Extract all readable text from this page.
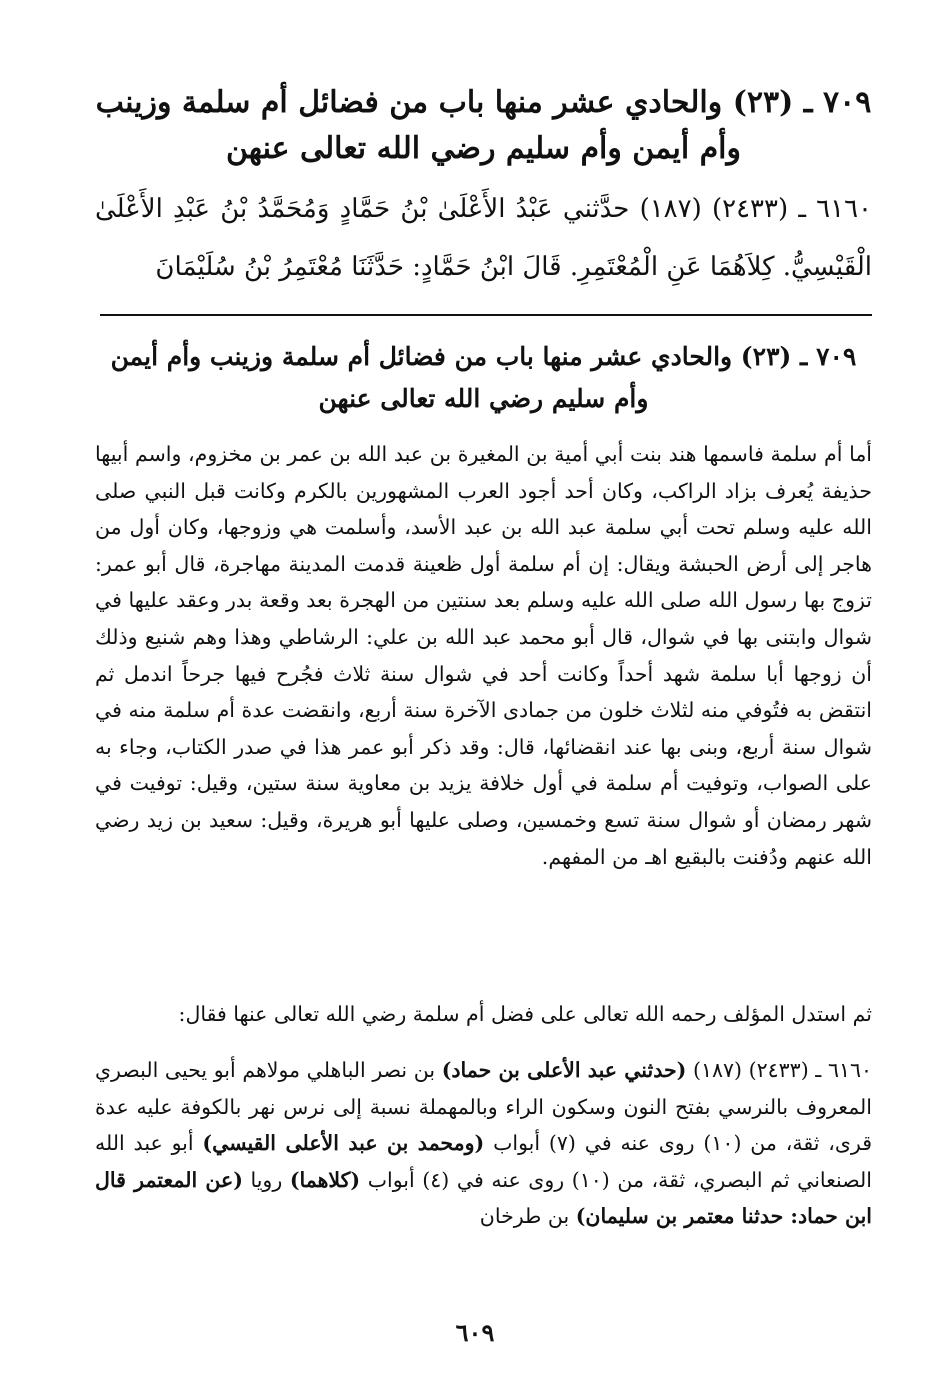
٧٠٩ ـ (٢٣) والحادي عشر منها باب من فضائل أم سلمة وزينب وأم أيمن وأم سليم رضي الله تعالى عنهن

٦١٦٠ ـ (٢٤٣٣) (١٨٧) حدَّثني عَبْدُ الأَعْلَىٰ بْنُ حَمَّادٍ وَمُحَمَّدُ بْنُ عَبْدِ الأَعْلَىٰ الْقَيْسِيُّ. كِلاَهُمَا عَنِ الْمُعْتَمِرِ. قَالَ ابْنُ حَمَّادٍ: حَدَّثَنَا مُعْتَمِرُ بْنُ سُلَيْمَانَ

٧٠٩ ـ (٢٣) والحادي عشر منها باب من فضائل أم سلمة وزينب وأم أيمن وأم سليم رضي الله تعالى عنهن

أما أم سلمة فاسمها هند بنت أبي أمية بن المغيرة بن عبد الله بن عمر بن مخزوم، واسم أبيها حذيفة يُعرف بزاد الراكب، وكان أحد أجود العرب المشهورين بالكرم وكانت قبل النبي صلى الله عليه وسلم تحت أبي سلمة عبد الله بن عبد الأسد، وأسلمت هي وزوجها، وكان أول من هاجر إلى أرض الحبشة ويقال: إن أم سلمة أول ظعينة قدمت المدينة مهاجرة، قال أبو عمر: تزوج بها رسول الله صلى الله عليه وسلم بعد سنتين من الهجرة بعد وقعة بدر وعقد عليها في شوال وابتنى بها في شوال، قال أبو محمد عبد الله بن علي: الرشاطي وهذا وهم شنيع وذلك أن زوجها أبا سلمة شهد أحداً وكانت أحد في شوال سنة ثلاث فجُرح فيها جرحاً اندمل ثم انتقض به فتُوفي منه لثلاث خلون من جمادى الآخرة سنة أربع، وانقضت عدة أم سلمة منه في شوال سنة أربع، وبنى بها عند انقضائها، قال: وقد ذكر أبو عمر هذا في صدر الكتاب، وجاء به على الصواب، وتوفيت أم سلمة في أول خلافة يزيد بن معاوية سنة ستين، وقيل: توفيت في شهر رمضان أو شوال سنة تسع وخمسين، وصلى عليها أبو هريرة، وقيل: سعيد بن زيد رضي الله عنهم ودُفنت بالبقيع اهـ من المفهم.

ثم استدل المؤلف رحمه الله تعالى على فضل أم سلمة رضي الله تعالى عنها فقال:

٦١٦٠ ـ (٢٤٣٣) (١٨٧) (حدثني عبد الأعلى بن حماد) بن نصر الباهلي مولاهم أبو يحيى البصري المعروف بالنرسي بفتح النون وسكون الراء وبالمهملة نسبة إلى نرس نهر بالكوفة عليه عدة قرى، ثقة، من (١٠) روى عنه في (٧) أبواب (ومحمد بن عبد الأعلى القيسي) أبو عبد الله الصنعاني ثم البصري، ثقة، من (١٠) روى عنه في (٤) أبواب (كلاهما) رويا (عن المعتمر قال ابن حماد: حدثنا معتمر بن سليمان) بن طرخان

٦٠٩
